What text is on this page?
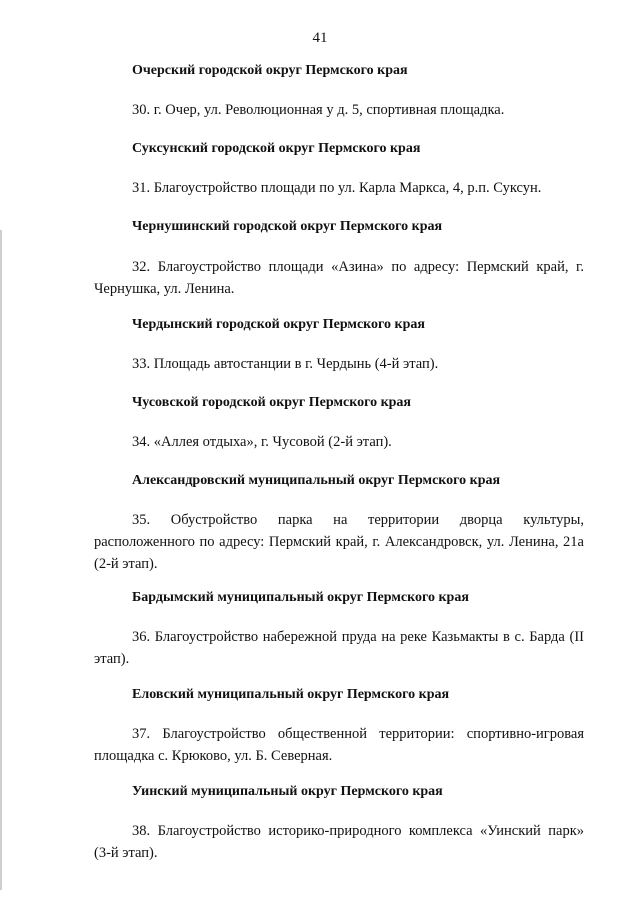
41
Очерский городской округ Пермского края
30. г. Очер, ул. Революционная у д. 5, спортивная площадка.
Суксунский городской округ Пермского края
31. Благоустройство площади по ул. Карла Маркса, 4, р.п. Суксун.
Чернушинский городской округ Пермского края
32. Благоустройство площади «Азина» по адресу: Пермский край, г. Чернушка, ул. Ленина.
Чердынский городской округ Пермского края
33. Площадь автостанции в г. Чердынь (4-й этап).
Чусовской городской округ Пермского края
34. «Аллея отдыха», г. Чусовой (2-й этап).
Александровский муниципальный округ Пермского края
35. Обустройство парка на территории дворца культуры, расположенного по адресу: Пермский край, г. Александровск, ул. Ленина, 21а (2-й этап).
Бардымский муниципальный округ Пермского края
36. Благоустройство набережной пруда на реке Казьмакты в с. Барда (II этап).
Еловский муниципальный округ Пермского края
37. Благоустройство общественной территории: спортивно-игровая площадка с. Крюково, ул. Б. Северная.
Уинский муниципальный округ Пермского края
38. Благоустройство историко-природного комплекса «Уинский парк» (3-й этап).
